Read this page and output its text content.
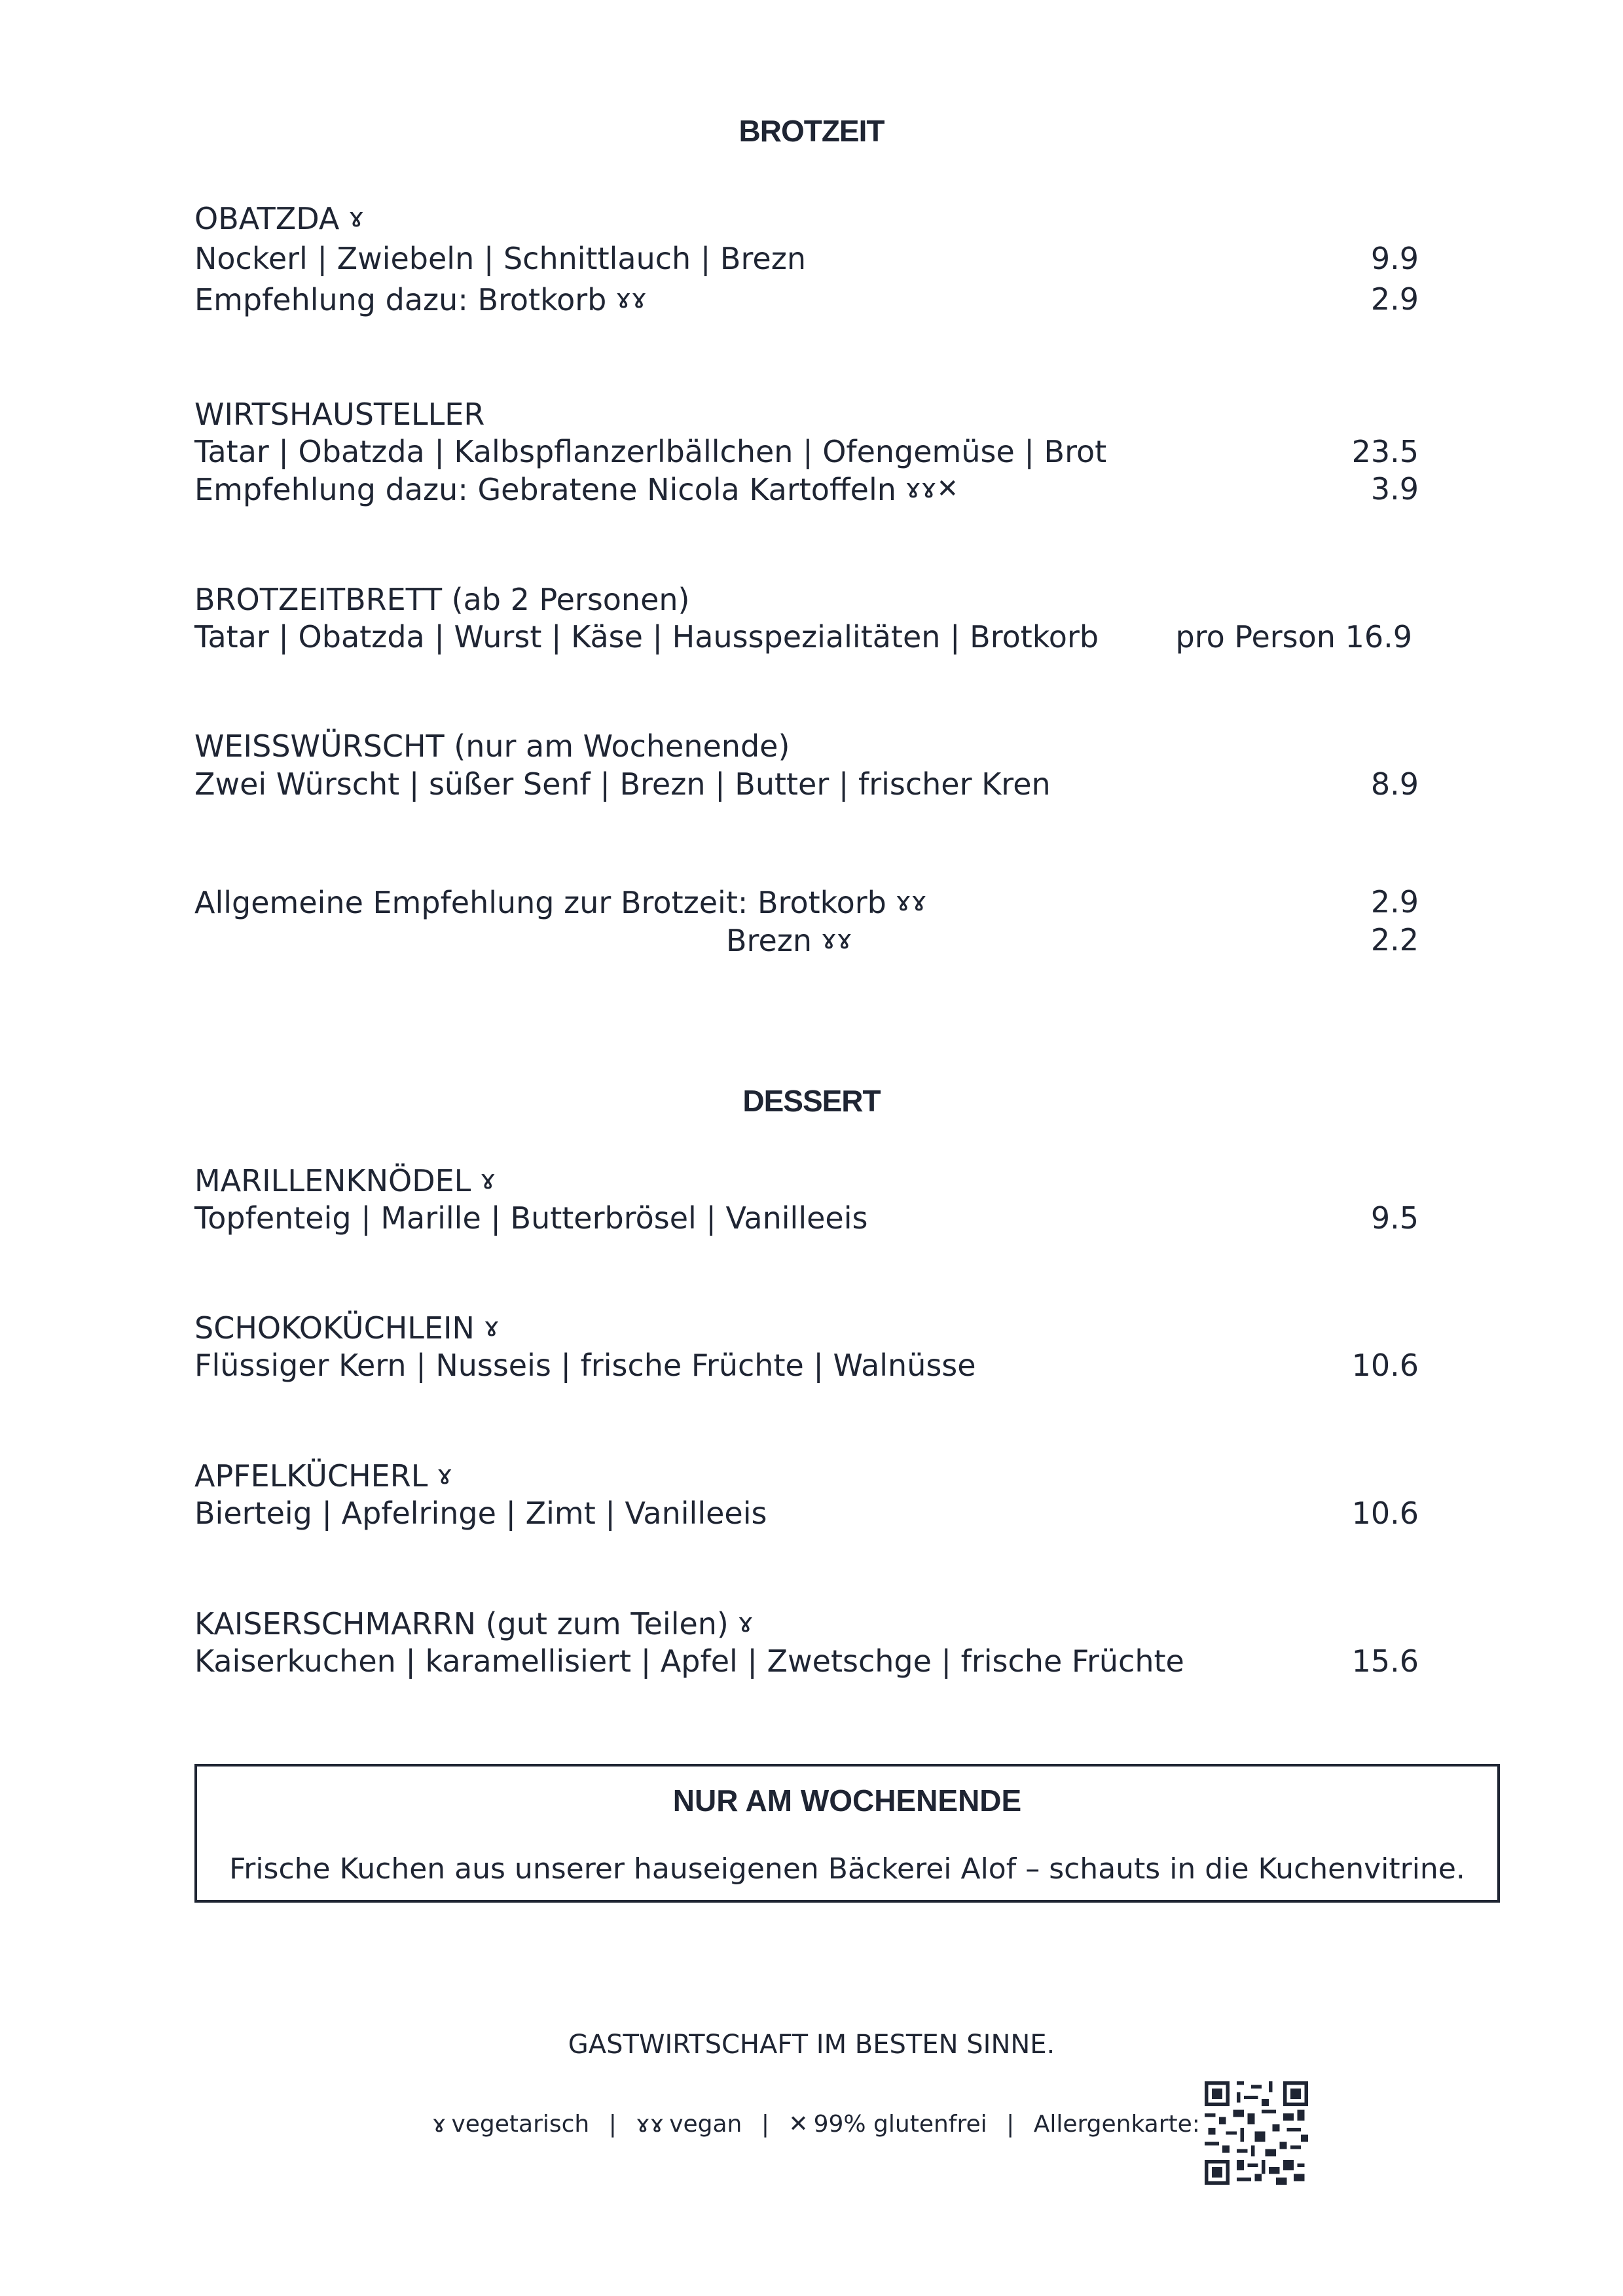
BROTZEIT
OBATZDA ɤ
Nockerl | Zwiebeln | Schnittlauch | Brezn	9.9
Empfehlung dazu: Brotkorb ɤɤ	2.9
WIRTSHAUSTELLER
Tatar | Obatzda | Kalbspflanzerlbällchen | Ofengemüse | Brot	23.5
Empfehlung dazu: Gebratene Nicola Kartoffeln ɤɤ✕	3.9
BROTZEITBRETT (ab 2 Personen)
Tatar | Obatzda | Wurst | Käse | Hausspezialitäten | Brotkorb	pro Person 16.9
WEISSWÜRSCHT (nur am Wochenende)
Zwei Würscht | süßer Senf | Brezn | Butter | frischer Kren	8.9
Allgemeine Empfehlung zur Brotzeit: Brotkorb ɤɤ	2.9
Brezn ɤɤ	2.2
DESSERT
MARILLENKNÖDEL ɤ
Topfenteig | Marille | Butterbrösel | Vanilleeis	9.5
SCHOKOKÜCHLEIN ɤ
Flüssiger Kern | Nusseis | frische Früchte | Walnüsse	10.6
APFELKÜCHERL ɤ
Bierteig | Apfelringe | Zimt | Vanilleeis	10.6
KAISERSCHMARRN (gut zum Teilen) ɤ
Kaiserkuchen | karamellisiert | Apfel | Zwetschge | frische Früchte	15.6
NUR AM WOCHENENDE
Frische Kuchen aus unserer hauseigenen Bäckerei Alof – schauts in die Kuchenvitrine.
GASTWIRTSCHAFT IM BESTEN SINNE.
ɤ vegetarisch | ɤɤ vegan | ✕ 99% glutenfrei | Allergenkarte:
